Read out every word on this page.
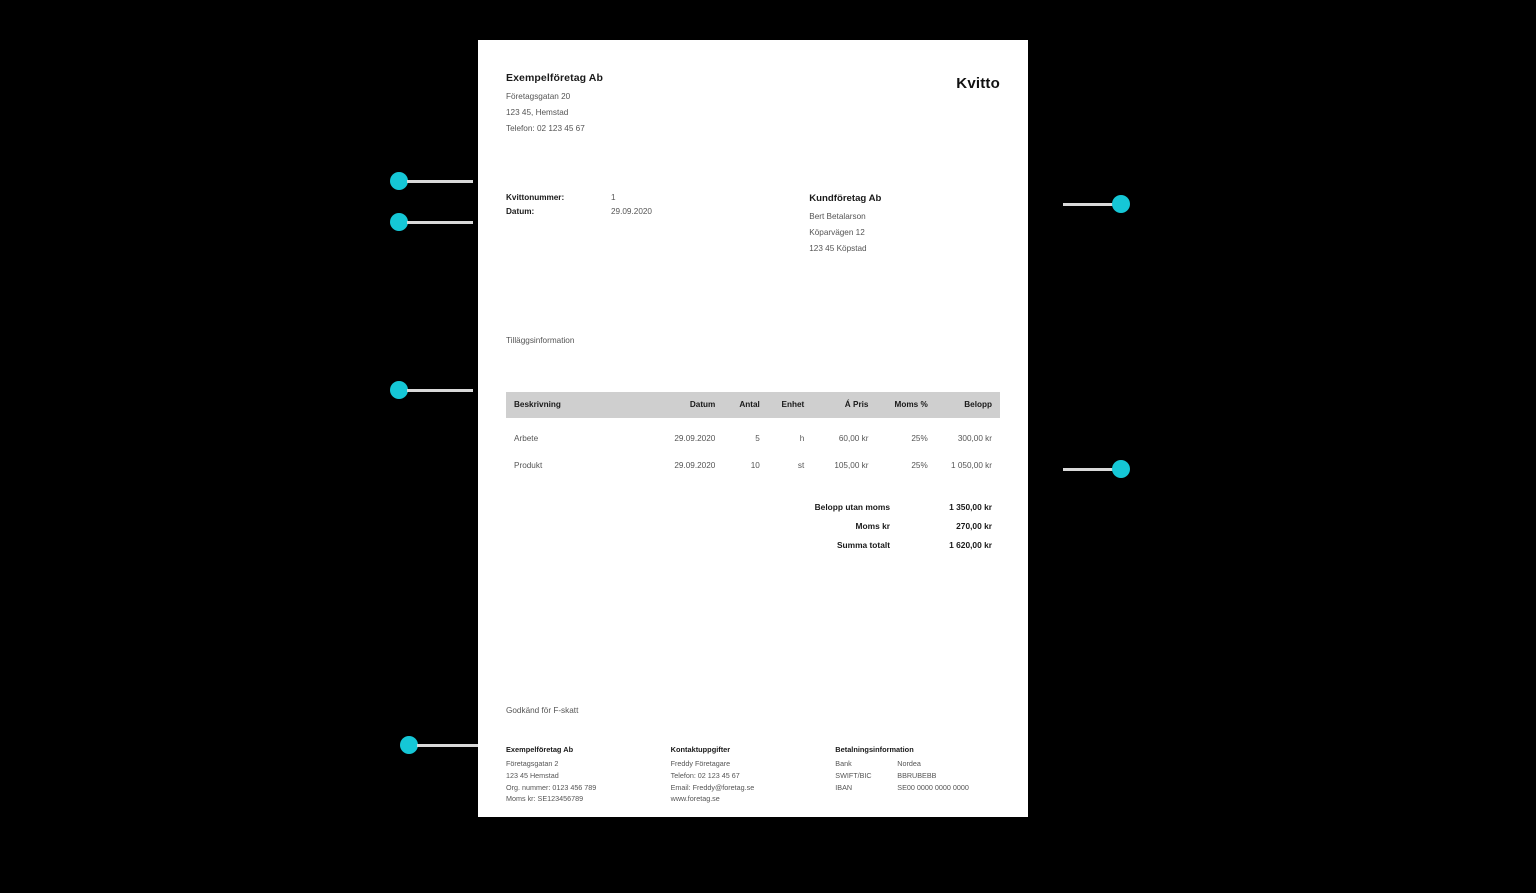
Exempelföretag Ab
Företagsgatan 20
123 45, Hemstad
Telefon: 02 123 45 67
Kvitto
Kvittonummer:	1
Datum:	29.09.2020
Kundföretag Ab
Bert Betalarson
Köparvägen 12
123 45 Köpstad
Tilläggsinformation
Beskrivning	Datum	Antal	Enhet	Á Pris	Moms %	Belopp
Arbete	29.09.2020	5	h	60,00 kr	25%	300,00 kr
Produkt	29.09.2020	10	st	105,00 kr	25%	1 050,00 kr
Belopp utan moms	1 350,00 kr
Moms kr	270,00 kr
Summa totalt	1 620,00 kr
Godkänd för F-skatt
Exempelföretag Ab
Företagsgatan 2
123 45 Hemstad
Org. nummer: 0123 456 789
Moms kr: SE123456789
Kontaktuppgifter
Freddy Företagare
Telefon: 02 123 45 67
Email: Freddy@foretag.se
www.foretag.se
Betalningsinformation
Bank	Nordea
SWIFT/BIC	BBRUBEBB
IBAN	SE00 0000 0000 0000
